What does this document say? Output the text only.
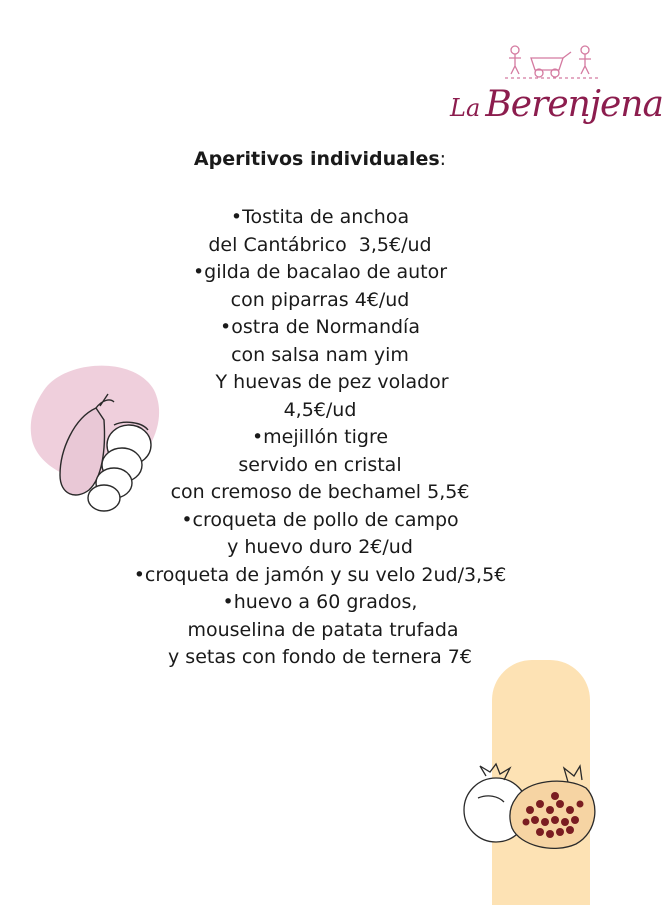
La Berenjena
Aperitivos individuales:
•Tostita de anchoa
del Cantábrico  3,5€/ud
•gilda de bacalao de autor
con piparras 4€/ud
•ostra de Normandía
con salsa nam yim
Y huevas de pez volador
4,5€/ud
•mejillón tigre
servido en cristal
con cremoso de bechamel 5,5€
•croqueta de pollo de campo
y huevo duro 2€/ud
•croqueta de jamón y su velo 2ud/3,5€
•huevo a 60 grados,
mouselina de patata trufada
y setas con fondo de ternera 7€
